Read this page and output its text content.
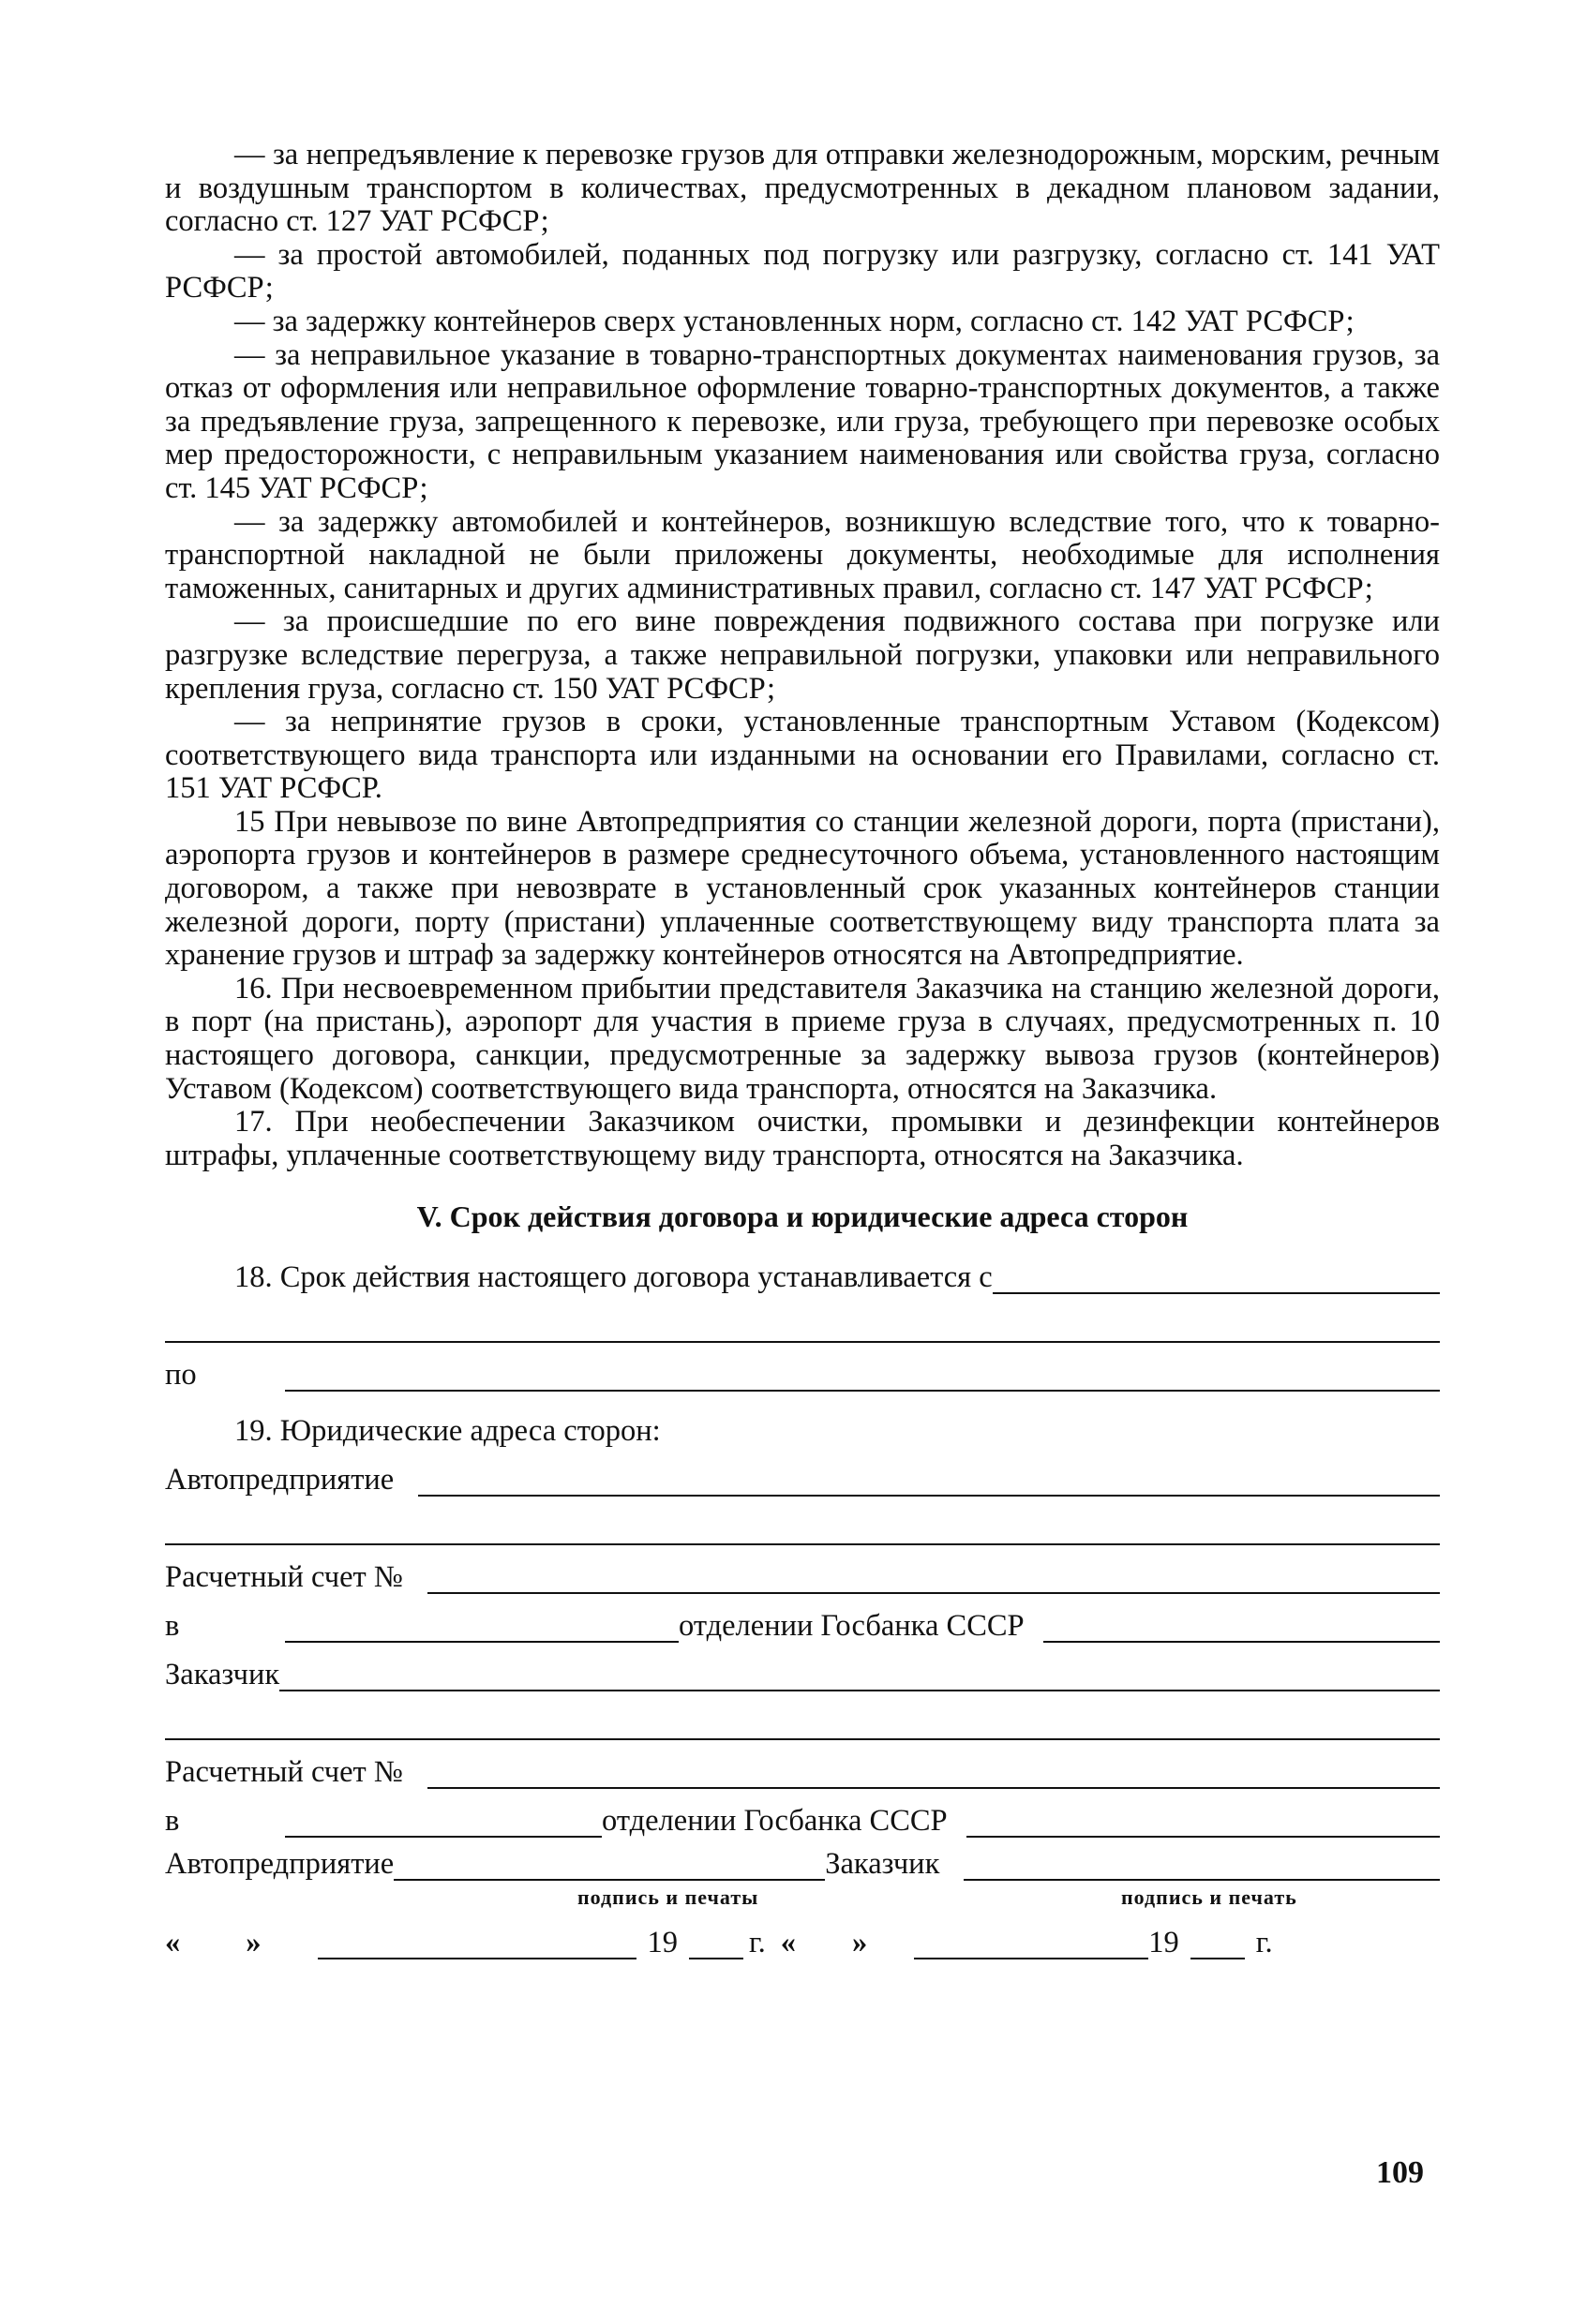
— за непредъявление к перевозке грузов для отправки железнодорожным, морским, речным и воздушным транспортом в количествах, предусмотренных в декадном плановом задании, согласно ст. 127 УАТ РСФСР;

— за простой автомобилей, поданных под погрузку или разгрузку, согласно ст. 141 УАТ РСФСР;

— за задержку контейнеров сверх установленных норм, согласно ст. 142 УАТ РСФСР;

— за неправильное указание в товарно-транспортных документах наименования грузов, за отказ от оформления или неправильное оформление товарно-транспортных документов, а также за предъявление груза, запрещенного к перевозке, или груза, требующего при перевозке особых мер предосторожности, с неправильным указанием наименования или свойства груза, согласно ст. 145 УАТ РСФСР;

— за задержку автомобилей и контейнеров, возникшую вследствие того, что к товарно-транспортной накладной не были приложены документы, необходимые для исполнения таможенных, санитарных и других административных правил, согласно ст. 147 УАТ РСФСР;

— за происшедшие по его вине повреждения подвижного состава при погрузке или разгрузке вследствие перегруза, а также неправильной погрузки, упаковки или неправильного крепления груза, согласно ст. 150 УАТ РСФСР;

— за непринятие грузов в сроки, установленные транспортным Уставом (Кодексом) соответствующего вида транспорта или изданными на основании его Правилами, согласно ст. 151 УАТ РСФСР.

15 При невывозе по вине Автопредприятия со станции железной дороги, порта (пристани), аэропорта грузов и контейнеров в размере среднесуточного объема, установленного настоящим договором, а также при невозврате в установленный срок указанных контейнеров станции железной дороги, порту (пристани) уплаченные соответствующему виду транспорта плата за хранение грузов и штраф за задержку контейнеров относятся на Автопредприятие.

16. При несвоевременном прибытии представителя Заказчика на станцию железной дороги, в порт (на пристань), аэропорт для участия в приеме груза в случаях, предусмотренных п. 10 настоящего договора, санкции, предусмотренные за задержку вывоза грузов (контейнеров) Уставом (Кодексом) соответствующего вида транспорта, относятся на Заказчика.

17. При необеспечении Заказчиком очистки, промывки и дезинфекции контейнеров штрафы, уплаченные соответствующему виду транспорта, относятся на Заказчика.

V. Срок действия договора и юридические адреса сторон
18. Срок действия настоящего договора устанавливается с
по
19. Юридические адреса сторон:
Автопредприятие
Расчетный счет №
в	отделении Госбанка СССР
Заказчик
Расчетный счет №
в	отделении Госбанка СССР
Автопредприятие	Заказчик
подпись и печаты	подпись и печать
« »	19 г. « »	19	г.
109
